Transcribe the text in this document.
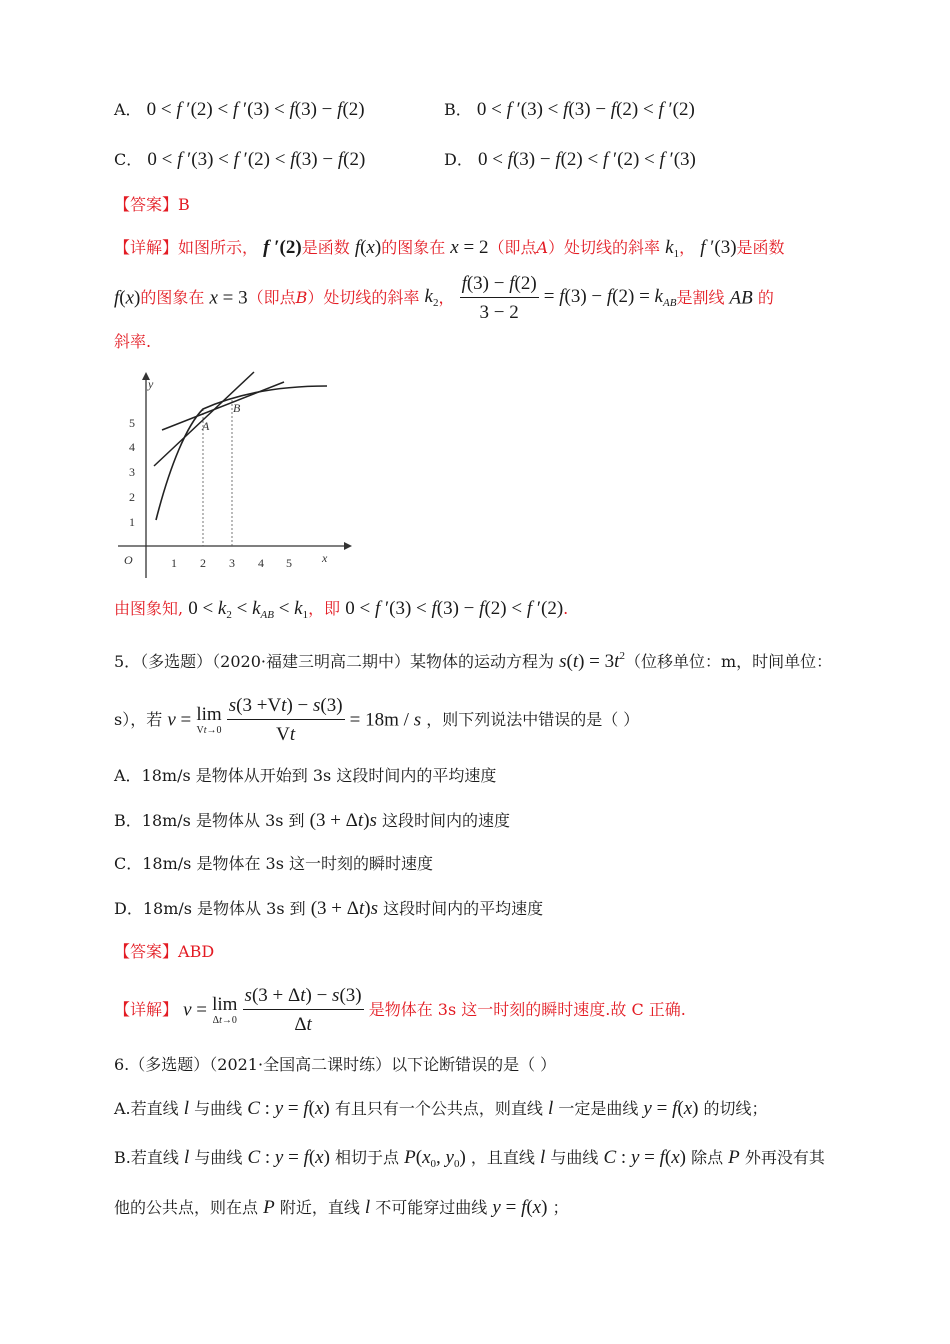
A． 0 < f ′(2) < f ′(3) < f(3) − f(2)	B． 0 < f ′(3) < f(3) − f(2) < f ′(2)
C． 0 < f ′(3) < f ′(2) < f(3) − f(2)	D． 0 < f(3) − f(2) < f ′(2) < f ′(3)
【答案】B
【详解】如图所示， f ′(2)是函数 f(x)的图象在 x = 2（即点A）处切线的斜率 $k_1$， f ′(3)是函数
f(x)的图象在 x = 3（即点B）处切线的斜率 $k_2$， $\frac{f(3) - f(2)}{3 - 2} = f(3) - f(2) = k_{AB}$是割线 AB 的
斜率.
y
x
O
A
B
1 2 3 4 5
1
2
3
4
5
由图象知, $0 < k_2 < k_{AB} < k_1$，即 0 < f ′(3) < f(3) − f(2) < f ′(2).
5．（多选题）（2020·福建三明高二期中）某物体的运动方程为 $s(t) = 3t^2$（位移单位：m，时间单位：
s），若 v = lim
Vt→0
$\frac{s(3 +Vt) - s(3)}{Vt} = 18m / s$ ，则下列说法中错误的是（ ）
A．18m/s 是物体从开始到 3s 这段时间内的平均速度
B．18m/s 是物体从 3s 到 (3 + Δt)s 这段时间内的速度
C．18m/s 是物体在 3s 这一时刻的瞬时速度
D．18m/s 是物体从 3s 到 (3 + Δt)s 这段时间内的平均速度
【答案】ABD
【详解】 v = lim
Δt→0
$\frac{s(3 + \Delta t) - s(3)}{\Delta t}$ 是物体在 3s 这一时刻的瞬时速度.故 C 正确.
6.（多选题）（2021·全国高二课时练）以下论断错误的是（ ）
A.若直线 l 与曲线 C : y = f(x) 有且只有一个公共点，则直线 l 一定是曲线 y = f(x) 的切线；
B.若直线 l 与曲线 C : y = f(x) 相切于点 $P(x_0$, $y_0$) ，且直线 l 与曲线 C : y = f(x) 除点 P 外再没有其
他的公共点，则在点 P 附近，直线 l 不可能穿过曲线 y = f(x) ；
